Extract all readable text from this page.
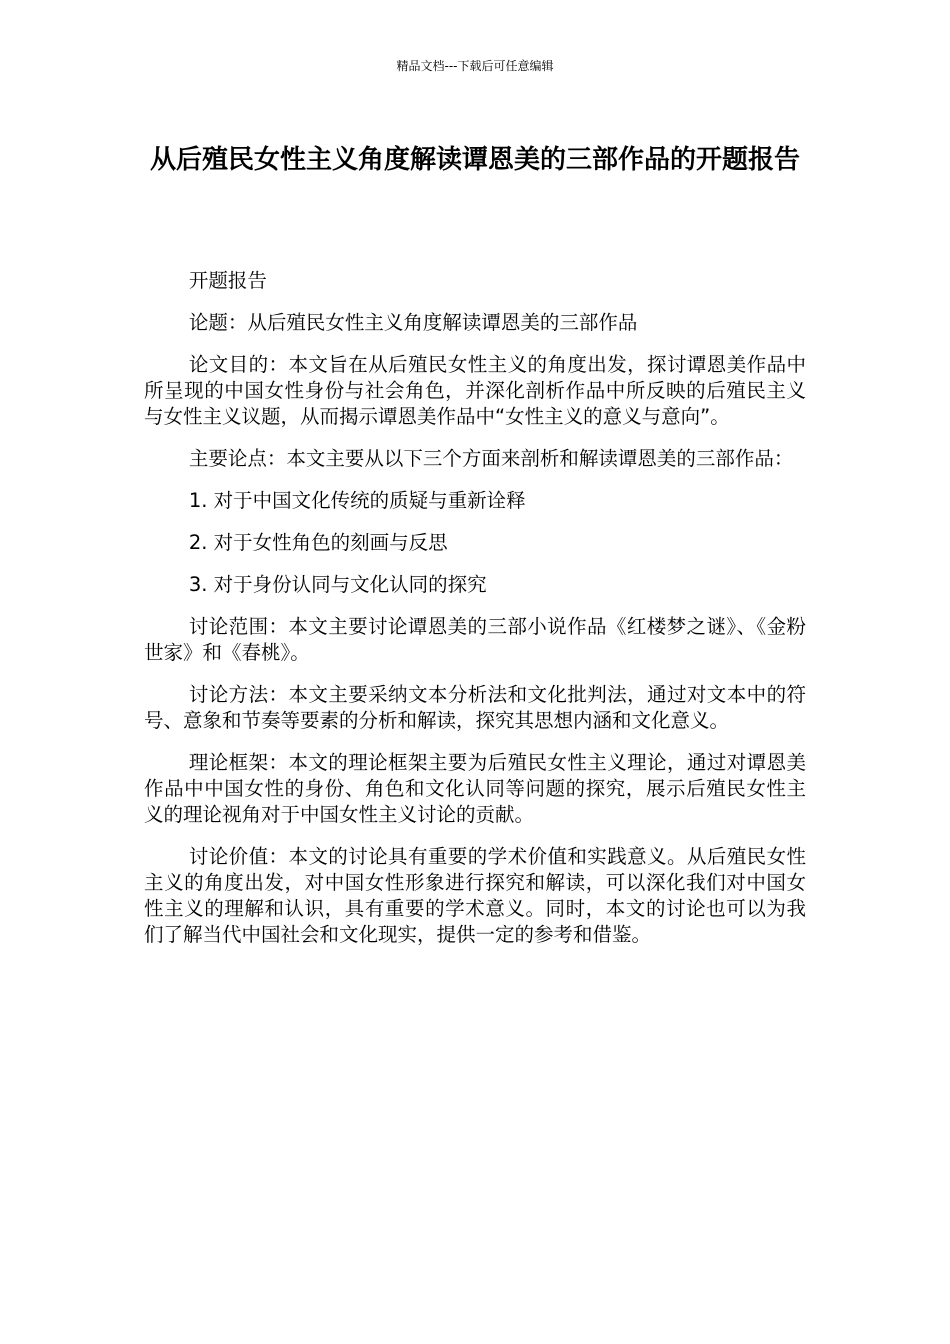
精品文档---下载后可任意编辑
从后殖民女性主义角度解读谭恩美的三部作品的开题报告

开题报告

论题：从后殖民女性主义角度解读谭恩美的三部作品

论文目的：本文旨在从后殖民女性主义的角度出发，探讨谭恩美作品中所呈现的中国女性身份与社会角色，并深化剖析作品中所反映的后殖民主义与女性主义议题，从而揭示谭恩美作品中“女性主义的意义与意向”。

主要论点：本文主要从以下三个方面来剖析和解读谭恩美的三部作品：

1. 对于中国文化传统的质疑与重新诠释

2. 对于女性角色的刻画与反思

3. 对于身份认同与文化认同的探究

讨论范围：本文主要讨论谭恩美的三部小说作品《红楼梦之谜》、《金粉世家》和《春桃》。

讨论方法：本文主要采纳文本分析法和文化批判法，通过对文本中的符号、意象和节奏等要素的分析和解读，探究其思想内涵和文化意义。

理论框架：本文的理论框架主要为后殖民女性主义理论，通过对谭恩美作品中中国女性的身份、角色和文化认同等问题的探究，展示后殖民女性主义的理论视角对于中国女性主义讨论的贡献。

讨论价值：本文的讨论具有重要的学术价值和实践意义。从后殖民女性主义的角度出发，对中国女性形象进行探究和解读，可以深化我们对中国女性主义的理解和认识，具有重要的学术意义。同时，本文的讨论也可以为我们了解当代中国社会和文化现实，提供一定的参考和借鉴。
